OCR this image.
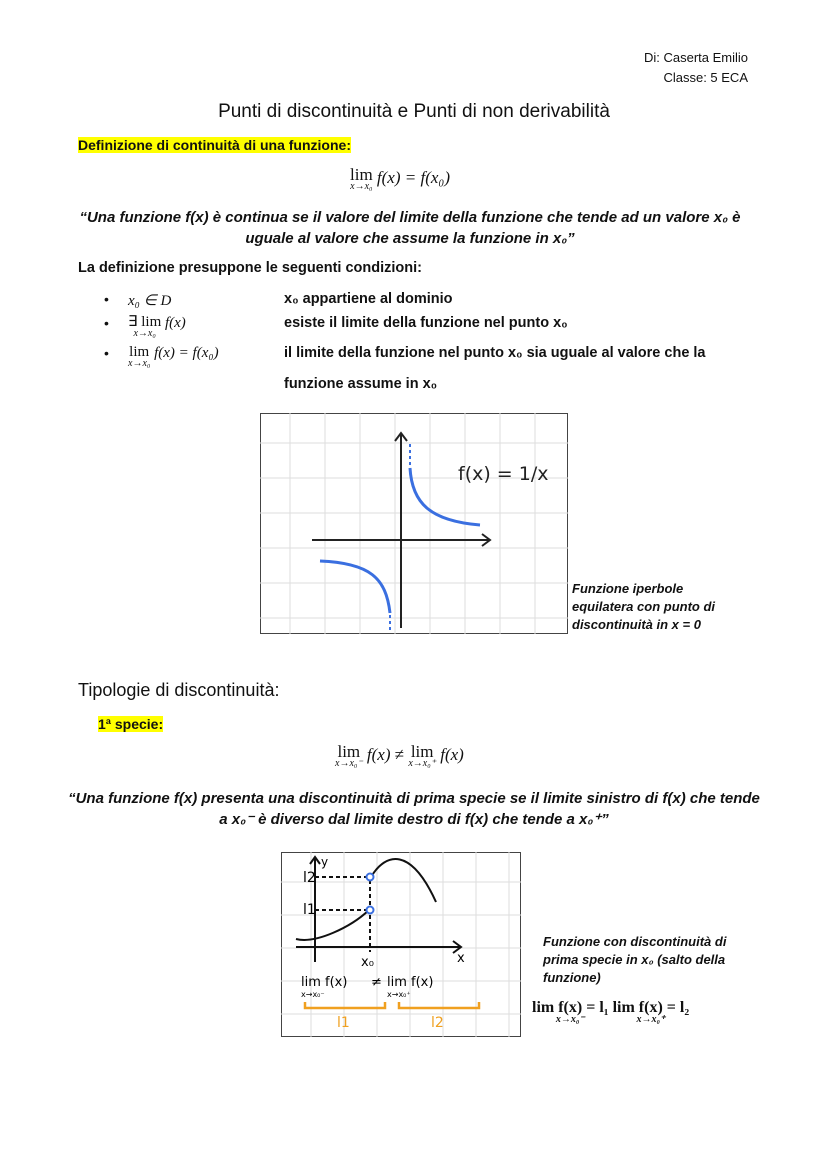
Di: Caserta Emilio
Classe: 5 ECA
Punti di discontinuità e Punti di non derivabilità
Definizione di continuità di una funzione:
lim
x→x₀ f(x) = f(x₀)
“Una funzione f(x) è continua se il valore del limite della funzione che tende ad un valore x₀ è
uguale al valore che assume la funzione in x₀”
La definizione presuppone le seguenti condizioni:
• x₀ ∈ D	x₀ appartiene al dominio
• ∃ lim
x→x₀
f(x)	esiste il limite della funzione nel punto x₀
• lim
x→x₀
f(x) = f(x₀)	il limite della funzione nel punto x₀ sia uguale al valore che la
funzione assume in x₀
f(x) = 1/x
Funzione iperbole
equilatera con punto di
discontinuità in x = 0
Tipologie di discontinuità:
1ª specie:
lim
x→x₀⁻ f(x) ≠ lim
x→x₀⁺ f(x)
“Una funzione f(x) presenta una discontinuità di prima specie se il limite sinistro di f(x) che tende
a x₀⁻ è diverso dal limite destro di f(x) che tende a x₀⁺”
l2
l1
y
x₀	x
lim f(x)
x→x₀⁻
≠ lim f(x)
x→x₀⁺
l1	l2
Funzione con discontinuità di
prima specie in x₀ (salto della
funzione)
lim f(x) = l₁
x→x₀⁻
lim f(x) = l₂
x→x₀⁺
